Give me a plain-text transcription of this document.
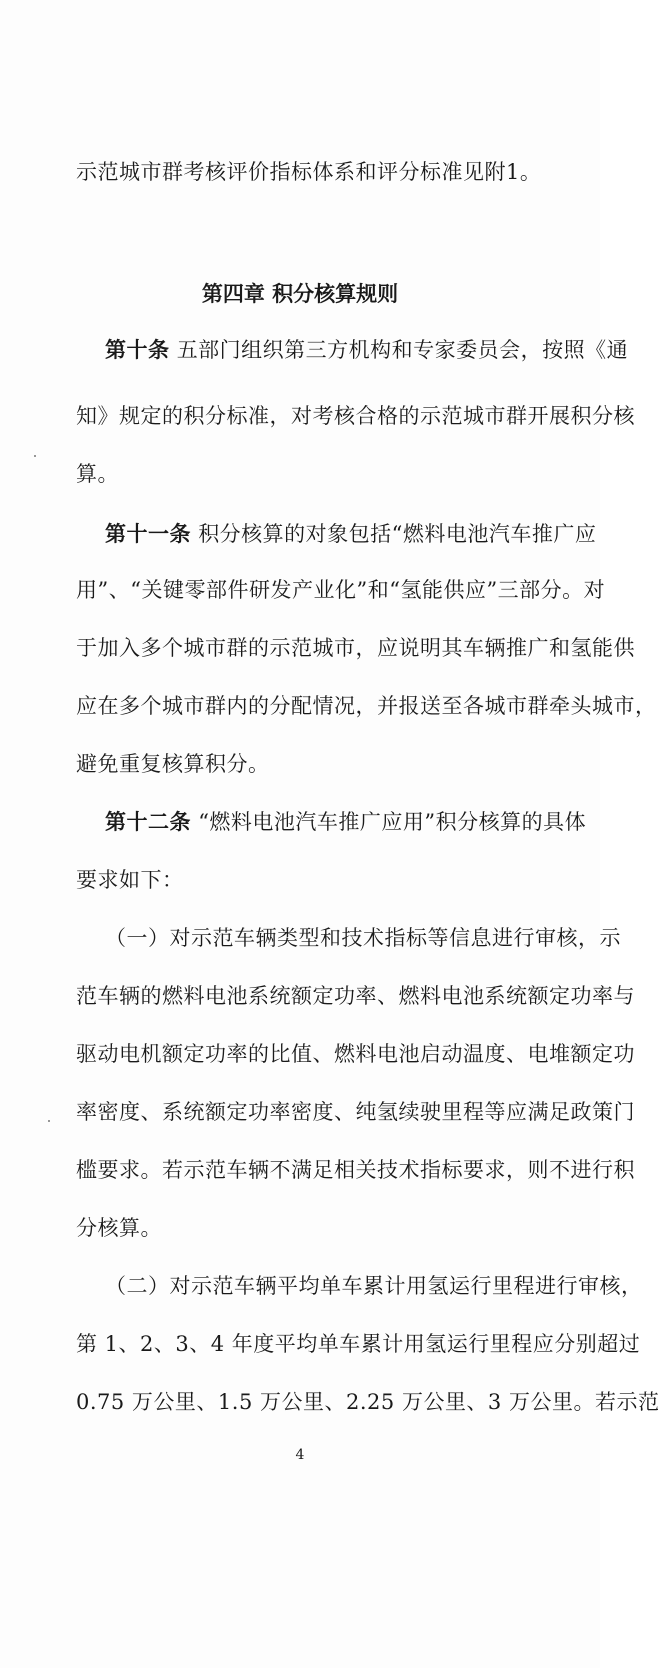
示范城市群考核评价指标体系和评分标准见附1。
第四章 积分核算规则
第十条 五部门组织第三方机构和专家委员会，按照《通
知》规定的积分标准，对考核合格的示范城市群开展积分核
算。
第十一条 积分核算的对象包括“燃料电池汽车推广应
用”、“关键零部件研发产业化”和“氢能供应”三部分。对
于加入多个城市群的示范城市，应说明其车辆推广和氢能供
应在多个城市群内的分配情况，并报送至各城市群牵头城市，
避免重复核算积分。
第十二条 “燃料电池汽车推广应用”积分核算的具体
要求如下：
（一）对示范车辆类型和技术指标等信息进行审核，示
范车辆的燃料电池系统额定功率、燃料电池系统额定功率与
驱动电机额定功率的比值、燃料电池启动温度、电堆额定功
率密度、系统额定功率密度、纯氢续驶里程等应满足政策门
槛要求。若示范车辆不满足相关技术指标要求，则不进行积
分核算。
（二）对示范车辆平均单车累计用氢运行里程进行审核，
第 1、2、3、4 年度平均单车累计用氢运行里程应分别超过
0.75 万公里、1.5 万公里、2.25 万公里、3 万公里。若示范
4
